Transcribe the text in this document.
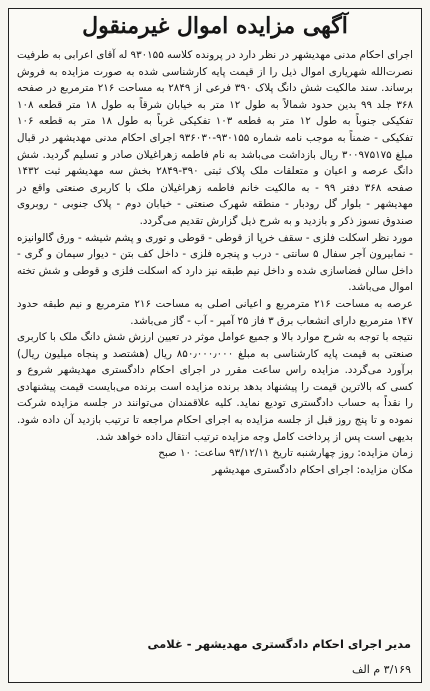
آگهی مزایده اموال غیرمنقول

اجرای احکام مدنی مهدیشهر در نظر دارد در پرونده کلاسه ۹۳۰۱۵۵ له آقای اعرابی به طرفیت نصرت‌الله شهریاری اموال ذیل را از قیمت پایه کارشناسی شده به صورت مزایده به فروش برساند. سند مالکیت شش دانگ پلاک ۳۹۰ فرعی از ۲۸۴۹ به مساحت ۲۱۶ مترمربع در صفحه ۳۶۸ جلد ۹۹ بدین حدود شمالاً به طول ۱۲ متر به خیابان شرقاً به طول ۱۸ متر قطعه ۱۰۸ تفکیکی جنوباً به طول ۱۲ متر به قطعه ۱۰۳ تفکیکی غرباً به طول ۱۸ متر به قطعه ۱۰۶ تفکیکی - ضمناً به موجب نامه شماره ۹۳۰۱۵۵-۹۳۶۰۳۰ اجرای احکام مدنی مهدیشهر در قبال مبلغ ۳۰۰۹۷۵۱۷۵ ریال بازداشت می‌باشد به نام فاطمه زهراغیلان صادر و تسلیم گردید. شش دانگ عرصه و اعیان و متعلقات ملک پلاک ثبتی ۳۹۰-۲۸۴۹ بخش سه مهدیشهر ثبت ۱۴۳۲ صفحه ۳۶۸ دفتر ۹۹ - به مالکیت خانم فاطمه زهراغیلان ملک با کاربری صنعتی واقع در مهدیشهر - بلوار گل رودبار - منطقه شهرک صنعتی - خیابان دوم - پلاک جنوبی - روبروی صندوق نسوز ذکر و بازدید و به شرح ذیل گزارش تقدیم می‌گردد.

مورد نظر اسکلت فلزی - سقف خرپا از قوطی - قوطی و توری و پشم شیشه - ورق گالوانیزه - نمابیرون آجر سفال ۵ سانتی - درب و پنجره فلزی - داخل کف بتن - دیوار سیمان و گری - داخل سالن فضاسازی شده و داخل نیم طبقه نیز دارد که اسکلت فلزی و قوطی و شش تخته اموال می‌باشد.

عرصه به مساحت ۲۱۶ مترمربع و اعیانی اصلی به مساحت ۲۱۶ مترمربع و نیم طبقه حدود ۱۴۷ مترمربع دارای انشعاب برق ۳ فاز ۲۵ آمپر - آب - گاز می‌باشد.

نتیجه با توجه به شرح موارد بالا و جمیع عوامل موثر در تعیین ارزش شش دانگ ملک با کاربری صنعتی به قیمت پایه کارشناسی به مبلغ ۸۵۰٫۰۰۰٫۰۰۰ ریال (هشتصد و پنجاه میلیون ریال) برآورد می‌گردد. مزایده راس ساعت مقرر در اجرای احکام دادگستری مهدیشهر شروع و کسی که بالاترین قیمت را پیشنهاد بدهد برنده مزایده است برنده می‌بایست قیمت پیشنهادی را نقداً به حساب دادگستری تودیع نماید. کلیه علاقمندان می‌توانند در جلسه مزایده شرکت نموده و تا پنج روز قبل از جلسه مزایده به اجرای احکام مراجعه تا ترتیب بازدید آن داده شود. بدیهی است پس از پرداخت کامل وجه مزایده ترتیب انتقال داده خواهد شد.

زمان مزایده: روز چهارشنبه تاریخ ۹۳/۱۲/۱۱ ساعت: ۱۰ صبح

مکان مزایده: اجرای احکام دادگستری مهدیشهر

مدیر اجرای احکام دادگستری مهدیشهر - غلامی
۳/۱۶۹ م الف
